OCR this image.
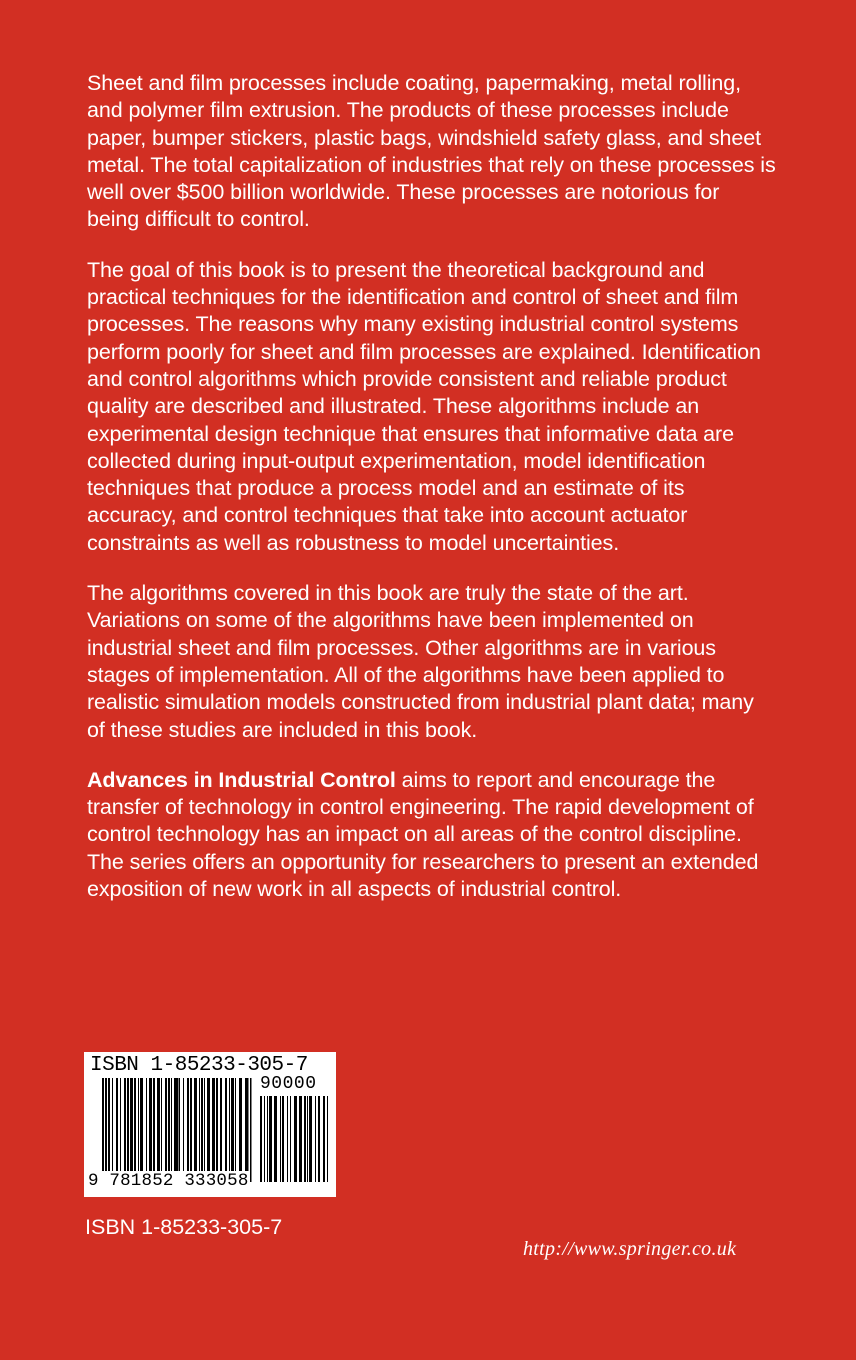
Sheet and film processes include coating, papermaking, metal rolling, and polymer film extrusion. The products of these processes include paper, bumper stickers, plastic bags, windshield safety glass, and sheet metal. The total capitalization of industries that rely on these processes is well over $500 billion worldwide. These processes are notorious for being difficult to control.

The goal of this book is to present the theoretical background and practical techniques for the identification and control of sheet and film processes. The reasons why many existing industrial control systems perform poorly for sheet and film processes are explained. Identification and control algorithms which provide consistent and reliable product quality are described and illustrated. These algorithms include an experimental design technique that ensures that informative data are collected during input-output experimentation, model identification techniques that produce a process model and an estimate of its accuracy, and control techniques that take into account actuator constraints as well as robustness to model uncertainties.

The algorithms covered in this book are truly the state of the art. Variations on some of the algorithms have been implemented on industrial sheet and film processes. Other algorithms are in various stages of implementation. All of the algorithms have been applied to realistic simulation models constructed from industrial plant data; many of these studies are included in this book.

Advances in Industrial Control aims to report and encourage the transfer of technology in control engineering. The rapid development of control technology has an impact on all areas of the control discipline. The series offers an opportunity for researchers to present an extended exposition of new work in all aspects of industrial control.

ISBN 1-85233-305-7
90000
9 781852 333058
ISBN 1-85233-305-7
http://www.springer.co.uk
